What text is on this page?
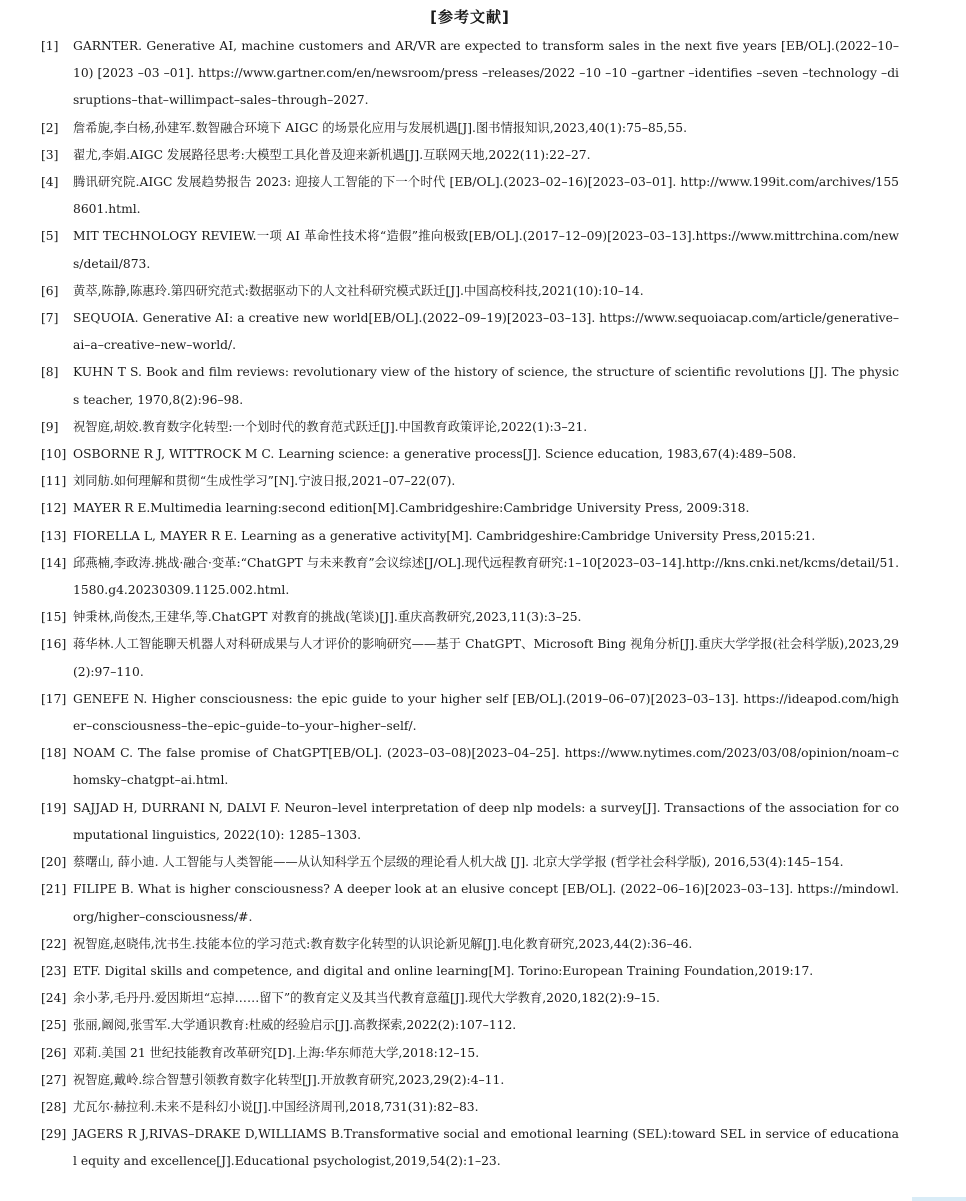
[参考文献]
[1] GARNTER. Generative AI, machine customers and AR/VR are expected to transform sales in the next five years [EB/OL].(2022–10–10) [2023 –03 –01]. https://www.gartner.com/en/newsroom/press –releases/2022 –10 –10 –gartner –identifies –seven –technology –disruptions–that–willimpact–sales–through–2027.
[2] 詹希旎,李白杨,孙建军.数智融合环境下 AIGC 的场景化应用与发展机遇[J].图书情报知识,2023,40(1):75–85,55.
[3] 翟尤,李娟.AIGC 发展路径思考:大模型工具化普及迎来新机遇[J].互联网天地,2022(11):22–27.
[4] 腾讯研究院.AIGC 发展趋势报告 2023: 迎接人工智能的下一个时代 [EB/OL].(2023–02–16)[2023–03–01]. http://www.199it.com/archives/1558601.html.
[5] MIT TECHNOLOGY REVIEW.一项 AI 革命性技术将“造假”推向极致[EB/OL].(2017–12–09)[2023–03–13].https://www.mittrchina.com/news/detail/873.
[6] 黄萃,陈静,陈惠玲.第四研究范式:数据驱动下的人文社科研究模式跃迁[J].中国高校科技,2021(10):10–14.
[7] SEQUOIA. Generative AI: a creative new world[EB/OL].(2022–09–19)[2023–03–13]. https://www.sequoiacap.com/article/generative–ai–a–creative–new–world/.
[8] KUHN T S. Book and film reviews: revolutionary view of the history of science, the structure of scientific revolutions [J]. The physics teacher, 1970,8(2):96–98.
[9] 祝智庭,胡姣.教育数字化转型:一个划时代的教育范式跃迁[J].中国教育政策评论,2022(1):3–21.
[10] OSBORNE R J, WITTROCK M C. Learning science: a generative process[J]. Science education, 1983,67(4):489–508.
[11] 刘同舫.如何理解和贯彻“生成性学习”[N].宁波日报,2021–07–22(07).
[12] MAYER R E.Multimedia learning:second edition[M].Cambridgeshire:Cambridge University Press, 2009:318.
[13] FIORELLA L, MAYER R E. Learning as a generative activity[M]. Cambridgeshire:Cambridge University Press,2015:21.
[14] 邱燕楠,李政涛.挑战·融合·变革:“ChatGPT 与未来教育”会议综述[J/OL].现代远程教育研究:1–10[2023–03–14].http://kns.cnki.net/kcms/detail/51.1580.g4.20230309.1125.002.html.
[15] 钟秉林,尚俊杰,王建华,等.ChatGPT 对教育的挑战(笔谈)[J].重庆高教研究,2023,11(3):3–25.
[16] 蒋华林.人工智能聊天机器人对科研成果与人才评价的影响研究——基于 ChatGPT、Microsoft Bing 视角分析[J].重庆大学学报(社会科学版),2023,29(2):97–110.
[17] GENEFE N. Higher consciousness: the epic guide to your higher self [EB/OL].(2019–06–07)[2023–03–13]. https://ideapod.com/higher–consciousness–the–epic–guide–to–your–higher–self/.
[18] NOAM C. The false promise of ChatGPT[EB/OL]. (2023–03–08)[2023–04–25]. https://www.nytimes.com/2023/03/08/opinion/noam–chomsky–chatgpt–ai.html.
[19] SAJJAD H, DURRANI N, DALVI F. Neuron–level interpretation of deep nlp models: a survey[J]. Transactions of the association for computational linguistics, 2022(10): 1285–1303.
[20] 蔡曙山, 薛小迪. 人工智能与人类智能——从认知科学五个层级的理论看人机大战 [J]. 北京大学学报 (哲学社会科学版), 2016,53(4):145–154.
[21] FILIPE B. What is higher consciousness? A deeper look at an elusive concept [EB/OL]. (2022–06–16)[2023–03–13]. https://mindowl.org/higher–consciousness/#.
[22] 祝智庭,赵晓伟,沈书生.技能本位的学习范式:教育数字化转型的认识论新见解[J].电化教育研究,2023,44(2):36–46.
[23] ETF. Digital skills and competence, and digital and online learning[M]. Torino:European Training Foundation,2019:17.
[24] 余小茅,毛丹丹.爱因斯坦“忘掉……留下”的教育定义及其当代教育意蕴[J].现代大学教育,2020,182(2):9–15.
[25] 张丽,阚阅,张雪军.大学通识教育:杜威的经验启示[J].高教探索,2022(2):107–112.
[26] 邓莉.美国 21 世纪技能教育改革研究[D].上海:华东师范大学,2018:12–15.
[27] 祝智庭,戴岭.综合智慧引领教育数字化转型[J].开放教育研究,2023,29(2):4–11.
[28] 尤瓦尔·赫拉利.未来不是科幻小说[J].中国经济周刊,2018,731(31):82–83.
[29] JAGERS R J,RIVAS–DRAKE D,WILLIAMS B.Transformative social and emotional learning (SEL):toward SEL in service of educational equity and excellence[J].Educational psychologist,2019,54(2):1–23.
